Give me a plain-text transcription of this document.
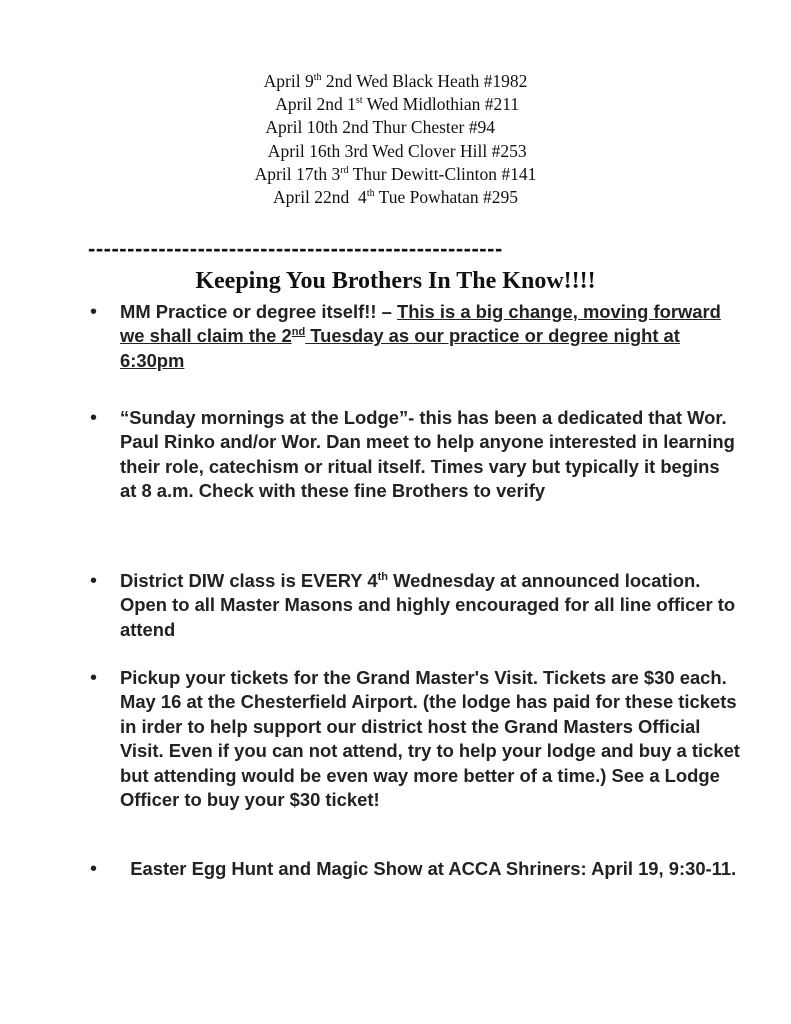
April 9th 2nd Wed Black Heath #1982
April 2nd 1st Wed Midlothian #211
April 10th 2nd Thur Chester #94
April 16th 3rd Wed Clover Hill #253
April 17th 3rd Thur Dewitt-Clinton #141
April 22nd  4th Tue Powhatan #295
-----------------------------------------------------
Keeping You Brothers In The Know!!!!
•	MM Practice or degree itself!! – This is a big change, moving forward we shall claim the 2nd Tuesday as our practice or degree night at 6:30pm
•	“Sunday mornings at the Lodge”- this has been a dedicated that Wor. Paul Rinko and/or Wor. Dan meet to help anyone interested in learning their role, catechism or ritual itself. Times vary but typically it begins at 8 a.m. Check with these fine Brothers to verify
•	District DIW class is EVERY 4th Wednesday at announced location. Open to all Master Masons and highly encouraged for all line officer to attend
•	Pickup your tickets for the Grand Master's Visit. Tickets are $30 each. May 16 at the Chesterfield Airport. (the lodge has paid for these tickets in irder to help support our district host the Grand Masters Official Visit. Even if you can not attend, try to help your lodge and buy a ticket but attending would be even way more better of a time.) See a Lodge Officer to buy your $30 ticket!
•	Easter Egg Hunt and Magic Show at ACCA Shriners: April 19, 9:30-11.
